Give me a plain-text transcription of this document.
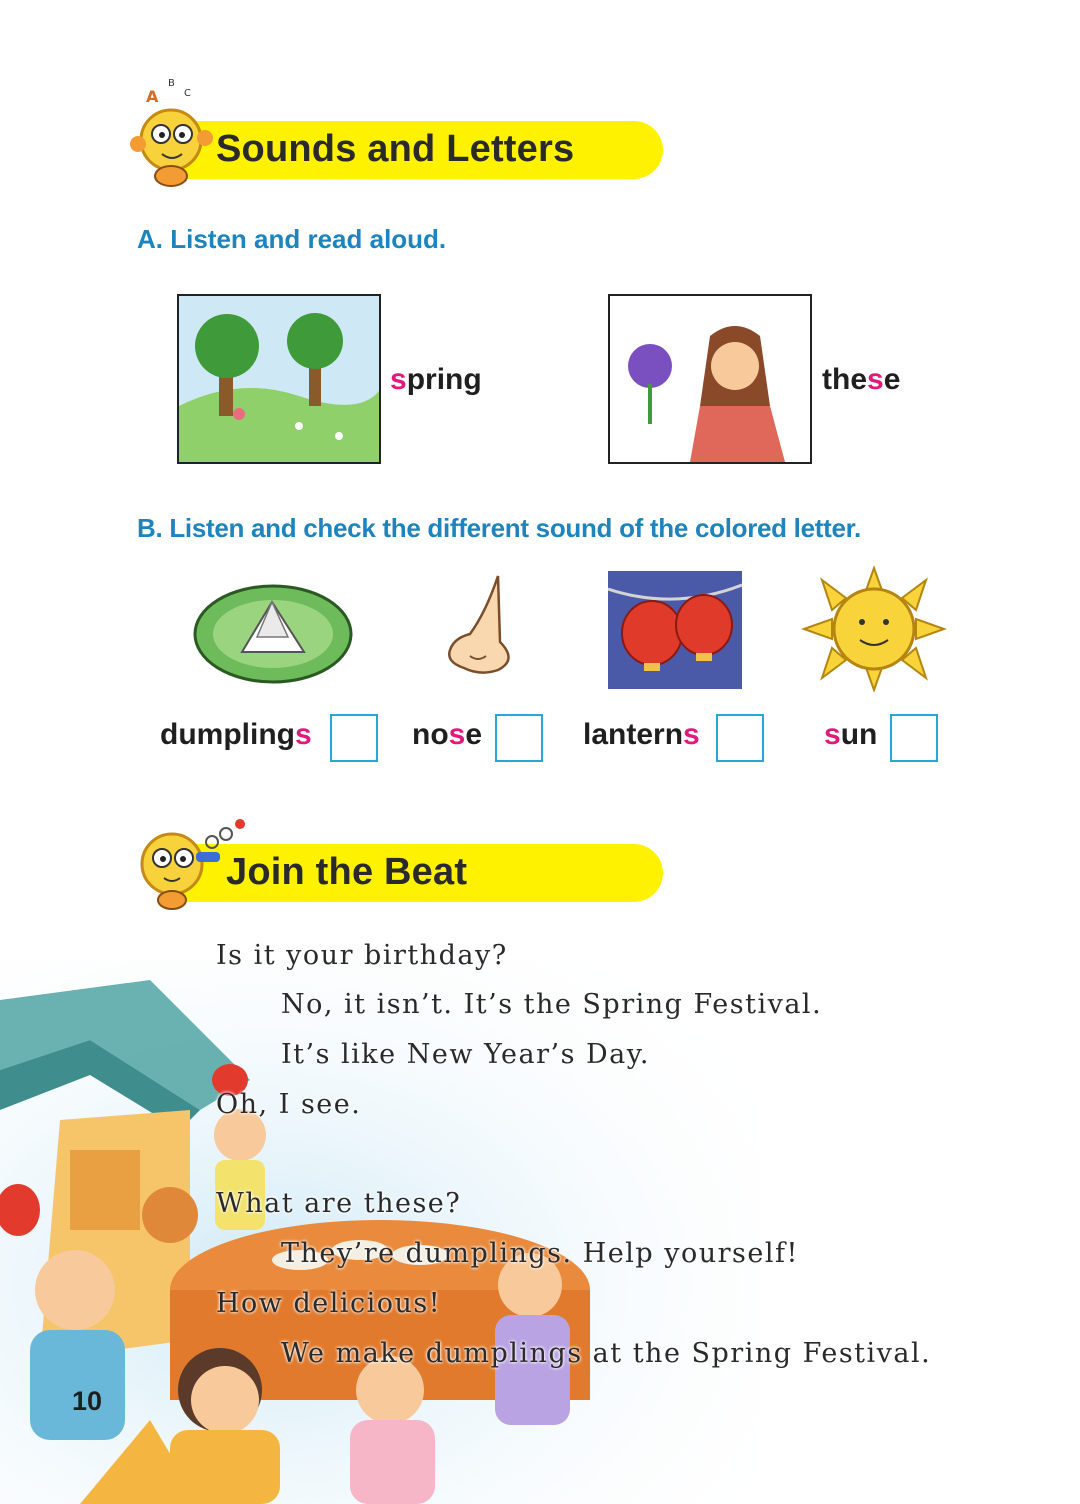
A
B
C
Sounds and Letters
A. Listen and read aloud.
spring	these
B. Listen and check the different sound of the colored letter.
dumplings	nose	lanterns	sun
Join the Beat
Is it your birthday?
No, it isn’t. It’s the Spring Festival.
It’s like New Year’s Day.
Oh, I see.
What are these?
They’re dumplings. Help yourself!
How delicious!
We make dumplings at the Spring Festival.
10
